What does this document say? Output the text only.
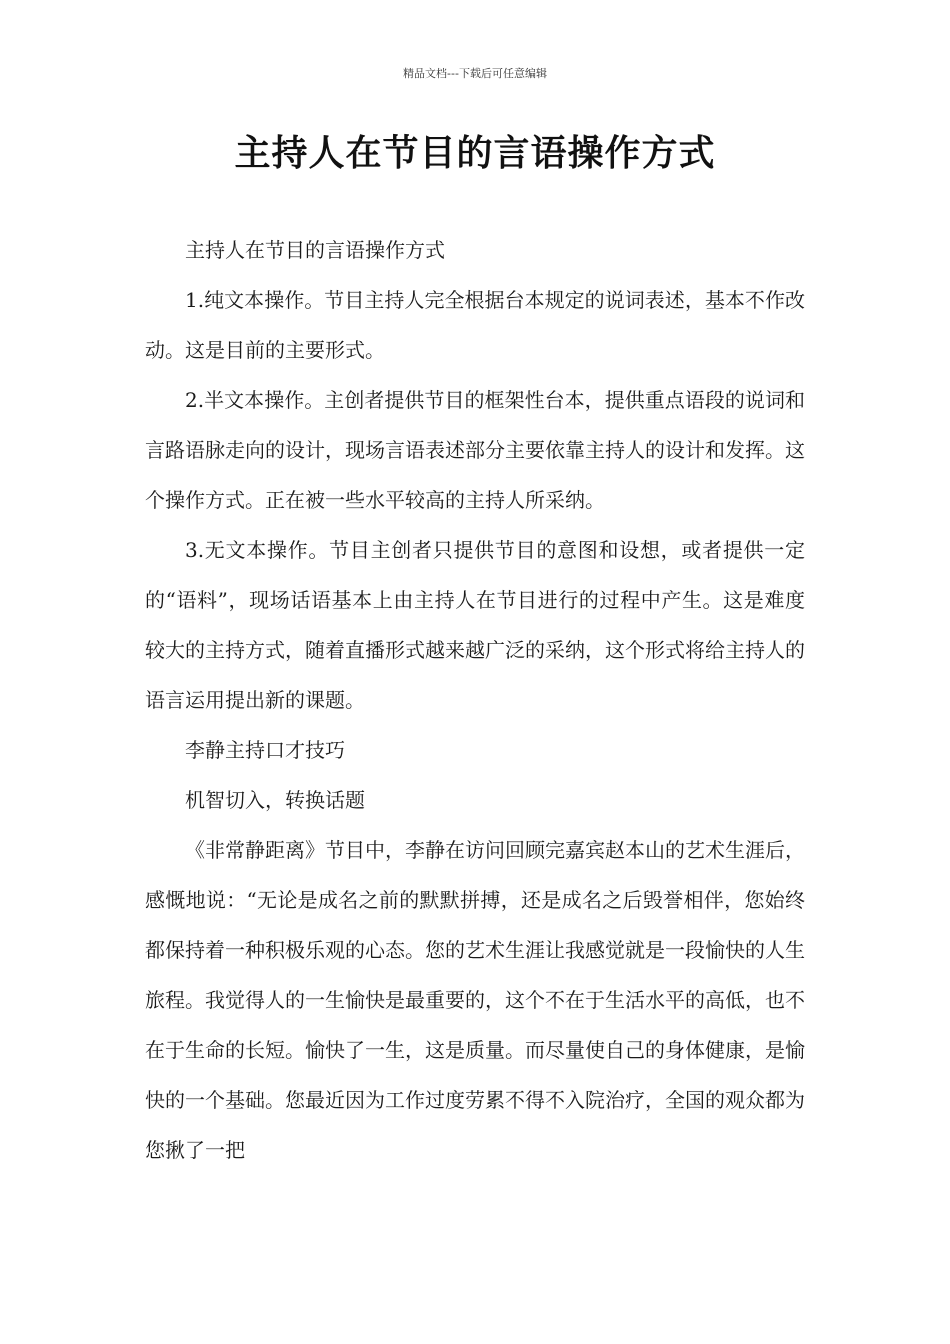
精品文档---下载后可任意编辑
主持人在节目的言语操作方式

主持人在节目的言语操作方式

1.纯文本操作。节目主持人完全根据台本规定的说词表述，基本不作改动。这是目前的主要形式。

2.半文本操作。主创者提供节目的框架性台本，提供重点语段的说词和言路语脉走向的设计，现场言语表述部分主要依靠主持人的设计和发挥。这个操作方式。正在被一些水平较高的主持人所采纳。

3.无文本操作。节目主创者只提供节目的意图和设想，或者提供一定的“语料”，现场话语基本上由主持人在节目进行的过程中产生。这是难度较大的主持方式，随着直播形式越来越广泛的采纳，这个形式将给主持人的语言运用提出新的课题。

李静主持口才技巧

机智切入，转换话题

《非常静距离》节目中，李静在访问回顾完嘉宾赵本山的艺术生涯后，感慨地说：“无论是成名之前的默默拼搏，还是成名之后毁誉相伴，您始终都保持着一种积极乐观的心态。您的艺术生涯让我感觉就是一段愉快的人生旅程。我觉得人的一生愉快是最重要的，这个不在于生活水平的高低，也不在于生命的长短。愉快了一生，这是质量。而尽量使自己的身体健康，是愉快的一个基础。您最近因为工作过度劳累不得不入院治疗，全国的观众都为您揪了一把
